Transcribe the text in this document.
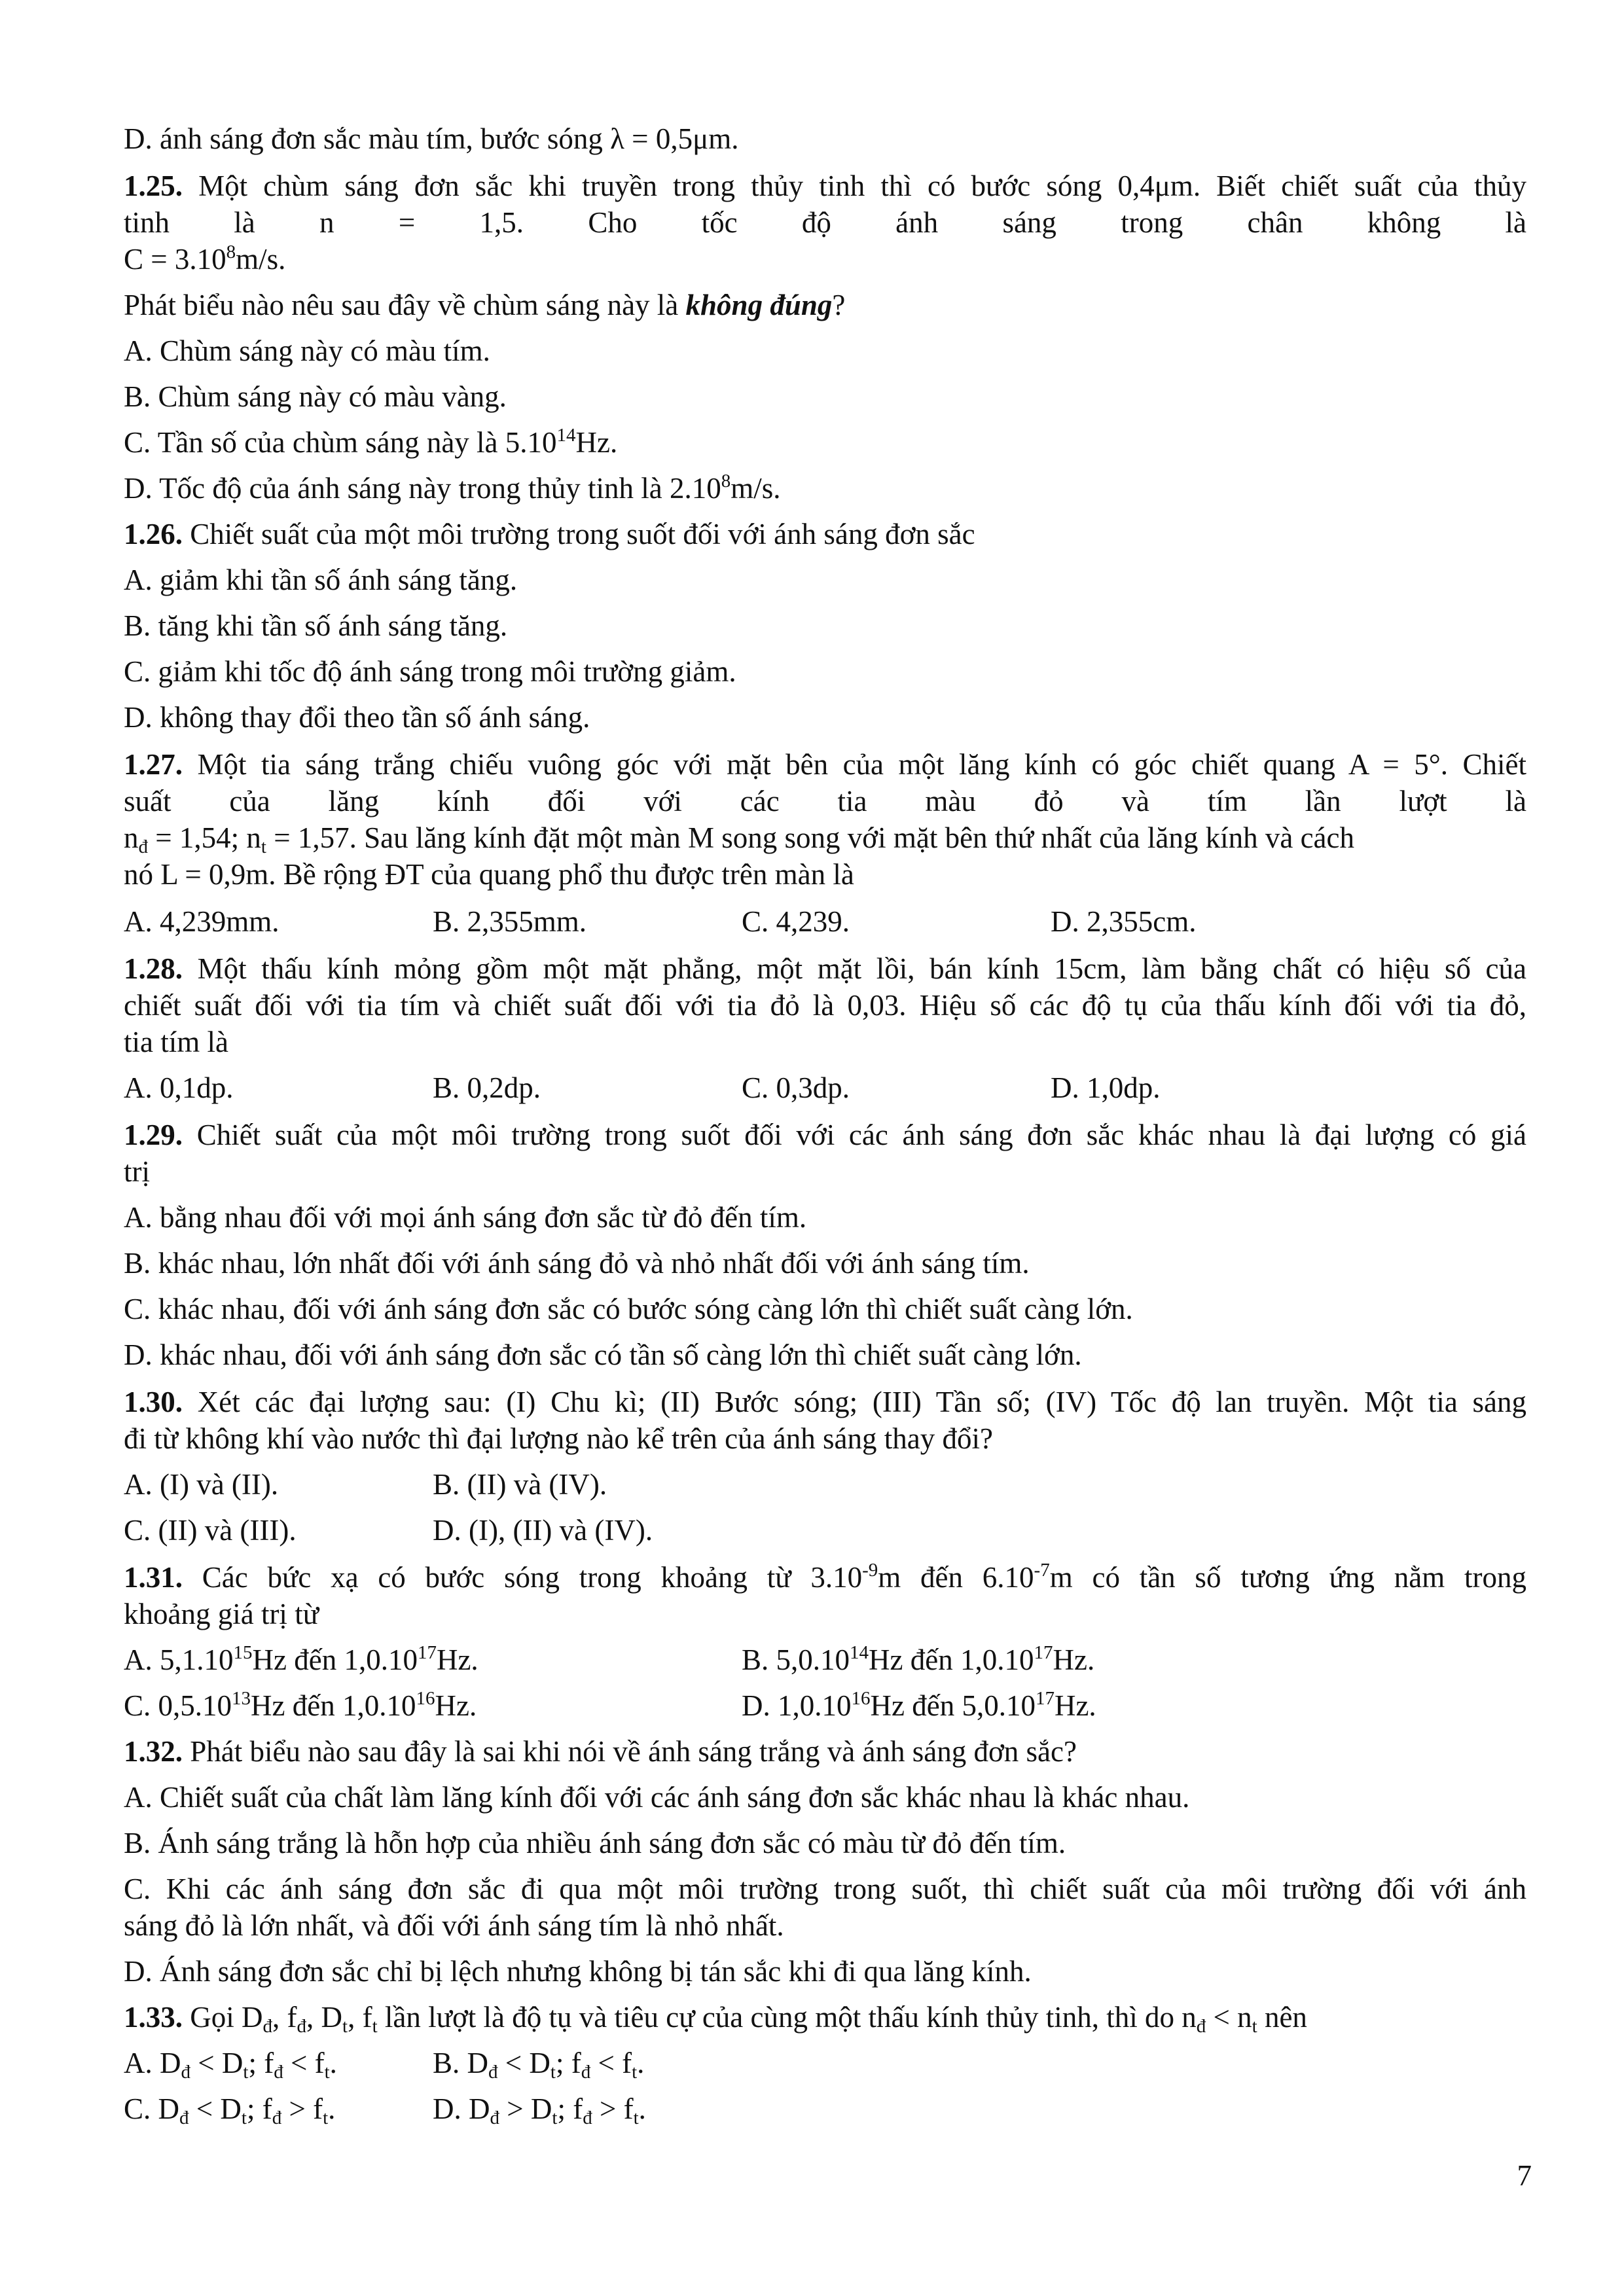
D. ánh sáng đơn sắc màu tím, bước sóng λ = 0,5μm.
1.25. Một chùm sáng đơn sắc khi truyền trong thủy tinh thì có bước sóng 0,4μm. Biết chiết suất của thủy
tinh là n = 1,5. Cho tốc độ ánh sáng trong chân không là
$C = 3.10^8m/s$.
Phát biểu nào nêu sau đây về chùm sáng này là không đúng?
A. Chùm sáng này có màu tím.
B. Chùm sáng này có màu vàng.
C. Tần số của chùm sáng này là 5.10$^{14}$Hz.
D. Tốc độ của ánh sáng này trong thủy tinh là 2.10$^8$m/s.
1.26. Chiết suất của một môi trường trong suốt đối với ánh sáng đơn sắc
A. giảm khi tần số ánh sáng tăng.
B. tăng khi tần số ánh sáng tăng.
C. giảm khi tốc độ ánh sáng trong môi trường giảm.
D. không thay đổi theo tần số ánh sáng.
1.27. Một tia sáng trắng chiếu vuông góc với mặt bên của một lăng kính có góc chiết quang A = 5°. Chiết
suất của lăng kính đối với các tia màu đỏ và tím lần lượt là
$n_đ = 1,54$; $n_t = 1,57$. Sau lăng kính đặt một màn M song song với mặt bên thứ nhất của lăng kính và cách
nó L = 0,9m. Bề rộng ĐT của quang phổ thu được trên màn là
A. 4,239mm.	B. 2,355mm.	C. 4,239.	D. 2,355cm.
1.28. Một thấu kính mỏng gồm một mặt phẳng, một mặt lồi, bán kính 15cm, làm bằng chất có hiệu số của
chiết suất đối với tia tím và chiết suất đối với tia đỏ là 0,03. Hiệu số các độ tụ của thấu kính đối với tia đỏ,
tia tím là
A. 0,1dp.	B. 0,2dp.	C. 0,3dp.	D. 1,0dp.
1.29. Chiết suất của một môi trường trong suốt đối với các ánh sáng đơn sắc khác nhau là đại lượng có giá
trị
A. bằng nhau đối với mọi ánh sáng đơn sắc từ đỏ đến tím.
B. khác nhau, lớn nhất đối với ánh sáng đỏ và nhỏ nhất đối với ánh sáng tím.
C. khác nhau, đối với ánh sáng đơn sắc có bước sóng càng lớn thì chiết suất càng lớn.
D. khác nhau, đối với ánh sáng đơn sắc có tần số càng lớn thì chiết suất càng lớn.
1.30. Xét các đại lượng sau: (I) Chu kì; (II) Bước sóng; (III) Tần số; (IV) Tốc độ lan truyền. Một tia sáng
đi từ không khí vào nước thì đại lượng nào kể trên của ánh sáng thay đổi?
A. (I) và (II).	B. (II) và (IV).
C. (II) và (III).	D. (I), (II) và (IV).
1.31. Các bức xạ có bước sóng trong khoảng từ $3.10^{-9}m$ đến $6.10^{-7}m$ có tần số tương ứng nằm trong
khoảng giá trị từ
A. 5,1.10$^{15}$Hz đến 1,0.10$^{17}$Hz.	B. 5,0.10$^{14}$Hz đến 1,0.10$^{17}$Hz.
C. 0,5.10$^{13}$Hz đến 1,0.10$^{16}$Hz.	D. 1,0.10$^{16}$Hz đến 5,0.10$^{17}$Hz.
1.32. Phát biểu nào sau đây là sai khi nói về ánh sáng trắng và ánh sáng đơn sắc?
A. Chiết suất của chất làm lăng kính đối với các ánh sáng đơn sắc khác nhau là khác nhau.
B. Ánh sáng trắng là hỗn hợp của nhiều ánh sáng đơn sắc có màu từ đỏ đến tím.
C. Khi các ánh sáng đơn sắc đi qua một môi trường trong suốt, thì chiết suất của môi trường đối với ánh
sáng đỏ là lớn nhất, và đối với ánh sáng tím là nhỏ nhất.
D. Ánh sáng đơn sắc chỉ bị lệch nhưng không bị tán sắc khi đi qua lăng kính.
1.33. Gọi $D_đ$, $f_đ$, $D_t$, $f_t$ lần lượt là độ tụ và tiêu cự của cùng một thấu kính thủy tinh, thì do $n_đ < n_t$ nên
A. $D_đ < D_t$; $f_đ < f_t$.	B. $D_đ < D_t$; $f_đ < f_t$.
C. $D_đ < D_t$; $f_đ > f_t$.	D. $D_đ > D_t$; $f_đ > f_t$.
7
